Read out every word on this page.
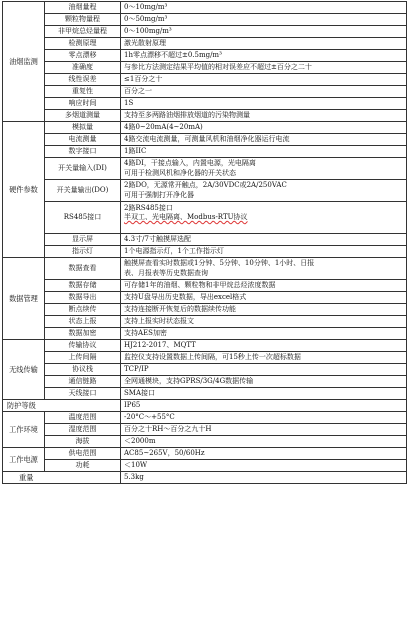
油烟监测	油烟量程	0～10mg/m³
	颗粒物量程	0～50mg/m³
	非甲烷总烃量程	0～100mg/m³
	检测原理	激光散射原理
	零点漂移	1h零点漂移不超过±0.5mg/m³
	准确度	与参比方法测定结果平均值的相对误差应不超过±百分之二十
	线性误差	≤1百分之十
	重复性	百分之一
	响应时间	1S
	多烟道测量	支持至多两路油烟排放烟道的污染物测量
硬件参数	模拟量	4路0~20mA(4~20mA)
	电流测量	4路交流电流测量，可测量风机和油烟净化器运行电流
	数字接口	1路IIC
	开关量输入(DI)	4路DI，干接点输入，内置电源，光电隔离
可用于检测风机和净化器的开关状态

	开关量输出(DO)	2路DO，无源常开触点，2A/30VDC或2A/250VAC
可用于强制打开净化器

	RS485接口	2路RS485接口
半双工、光电隔离、Modbus-RTU协议

	显示屏	4.3寸/7寸触摸屏选配
	指示灯	1个电源指示灯，1个工作指示灯
数据管理	数据查看	触摸屏查看实时数据或1分钟、5分钟、10分钟、1小时、日报
表、月报表等历史数据查询

	数据存储	可存储1年的油烟、颗粒物和非甲烷总烃浓度数据
	数据导出	支持U盘导出历史数据，导出excel格式
	断点续传	支持连接断开恢复后的数据续传功能
	状态上报	支持上报实时状态报文
	数据加密	支持AES加密
无线传输	传输协议	HJ212-2017、MQTT
	上传间隔	监控仪支持设置数据上传间隔，可15秒上传一次超标数据
	协议栈	TCP/IP
	通信链路	全网通模块，支持GPRS/3G/4G数据传输
	天线接口	SMA接口
防护等级		IP65
工作环境	温度范围	-20°C～+55°C
	湿度范围	百分之十RH～百分之九十H
	海拔	＜2000m
工作电源	供电范围	AC85~265V，50/60Hz
	功耗	＜10W
重量		5.3kg
